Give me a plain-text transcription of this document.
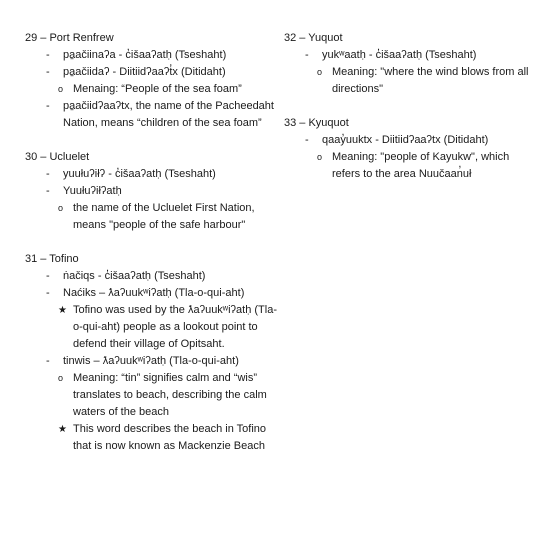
29 – Port Renfrew

- pa̱ačiinaʔa - c̓išaaʔatḥ (Tseshaht)
- pa̱ačiidaʔ - Diitiidʔaaʔt̓x (Ditidaht)
o Menaing: “People of the sea foam”
- pa̱ačiidʔaaʔtx, the name of the Pacheedaht Nation, means “children of the sea foam”

30 – Ucluelet

- yuułuʔiłʔ - c̓išaaʔatḥ (Tseshaht)
- Yuułuʔiłʔatḥ
o the name of the Ucluelet First Nation, means "people of the safe harbour"

31 – Tofino

- ṅačiqs - c̓išaaʔatḥ (Tseshaht)
- Naćiks – ƛaʔuukʷiʔatḥ (Tla-o-qui-aht)
★ Tofino was used by the ƛaʔuukʷiʔatḥ (Tla-o-qui-aht) people as a lookout point to defend their village of Opitsaht.
- tinwis – ƛaʔuukʷiʔatḥ (Tla-o-qui-aht)
o Meaning: “tin” signifies calm and “wis” translates to beach, describing the calm waters of the beach
★ This word describes the beach in Tofino that is now known as Mackenzie Beach

32 – Yuquot

- yukʷaatḥ - c̓išaaʔatḥ (Tseshaht)
o Meaning: "where the wind blows from all directions"

33 – Kyuquot

- qaay̓uuktx - Diitiidʔaaʔtx (Ditidaht)
o Meaning: "people of Kayukw", which refers to the area Nuučaan̓uł
